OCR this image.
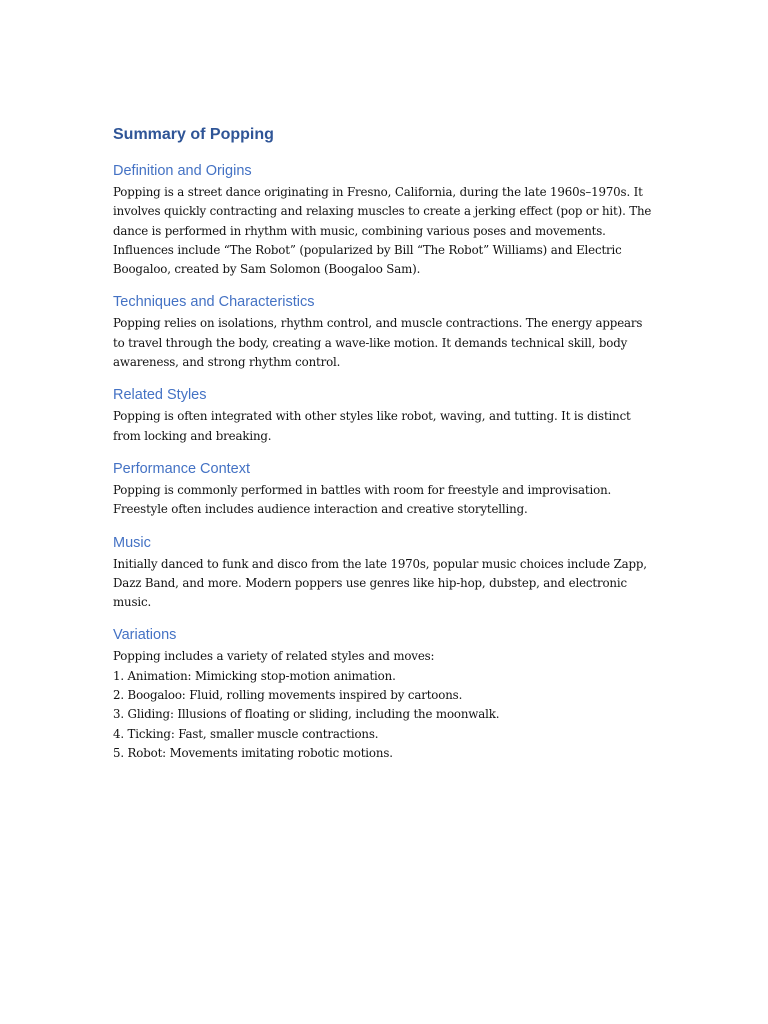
Summary of Popping
Definition and Origins

Popping is a street dance originating in Fresno, California, during the late 1960s–1970s. It involves quickly contracting and relaxing muscles to create a jerking effect (pop or hit). The dance is performed in rhythm with music, combining various poses and movements. Influences include “The Robot” (popularized by Bill “The Robot” Williams) and Electric Boogaloo, created by Sam Solomon (Boogaloo Sam).

Techniques and Characteristics

Popping relies on isolations, rhythm control, and muscle contractions. The energy appears to travel through the body, creating a wave-like motion. It demands technical skill, body awareness, and strong rhythm control.

Related Styles

Popping is often integrated with other styles like robot, waving, and tutting. It is distinct from locking and breaking.

Performance Context

Popping is commonly performed in battles with room for freestyle and improvisation. Freestyle often includes audience interaction and creative storytelling.

Music

Initially danced to funk and disco from the late 1970s, popular music choices include Zapp, Dazz Band, and more. Modern poppers use genres like hip-hop, dubstep, and electronic music.

Variations
Popping includes a variety of related styles and moves:
1. Animation: Mimicking stop-motion animation.
2. Boogaloo: Fluid, rolling movements inspired by cartoons.
3. Gliding: Illusions of floating or sliding, including the moonwalk.
4. Ticking: Fast, smaller muscle contractions.
5. Robot: Movements imitating robotic motions.
